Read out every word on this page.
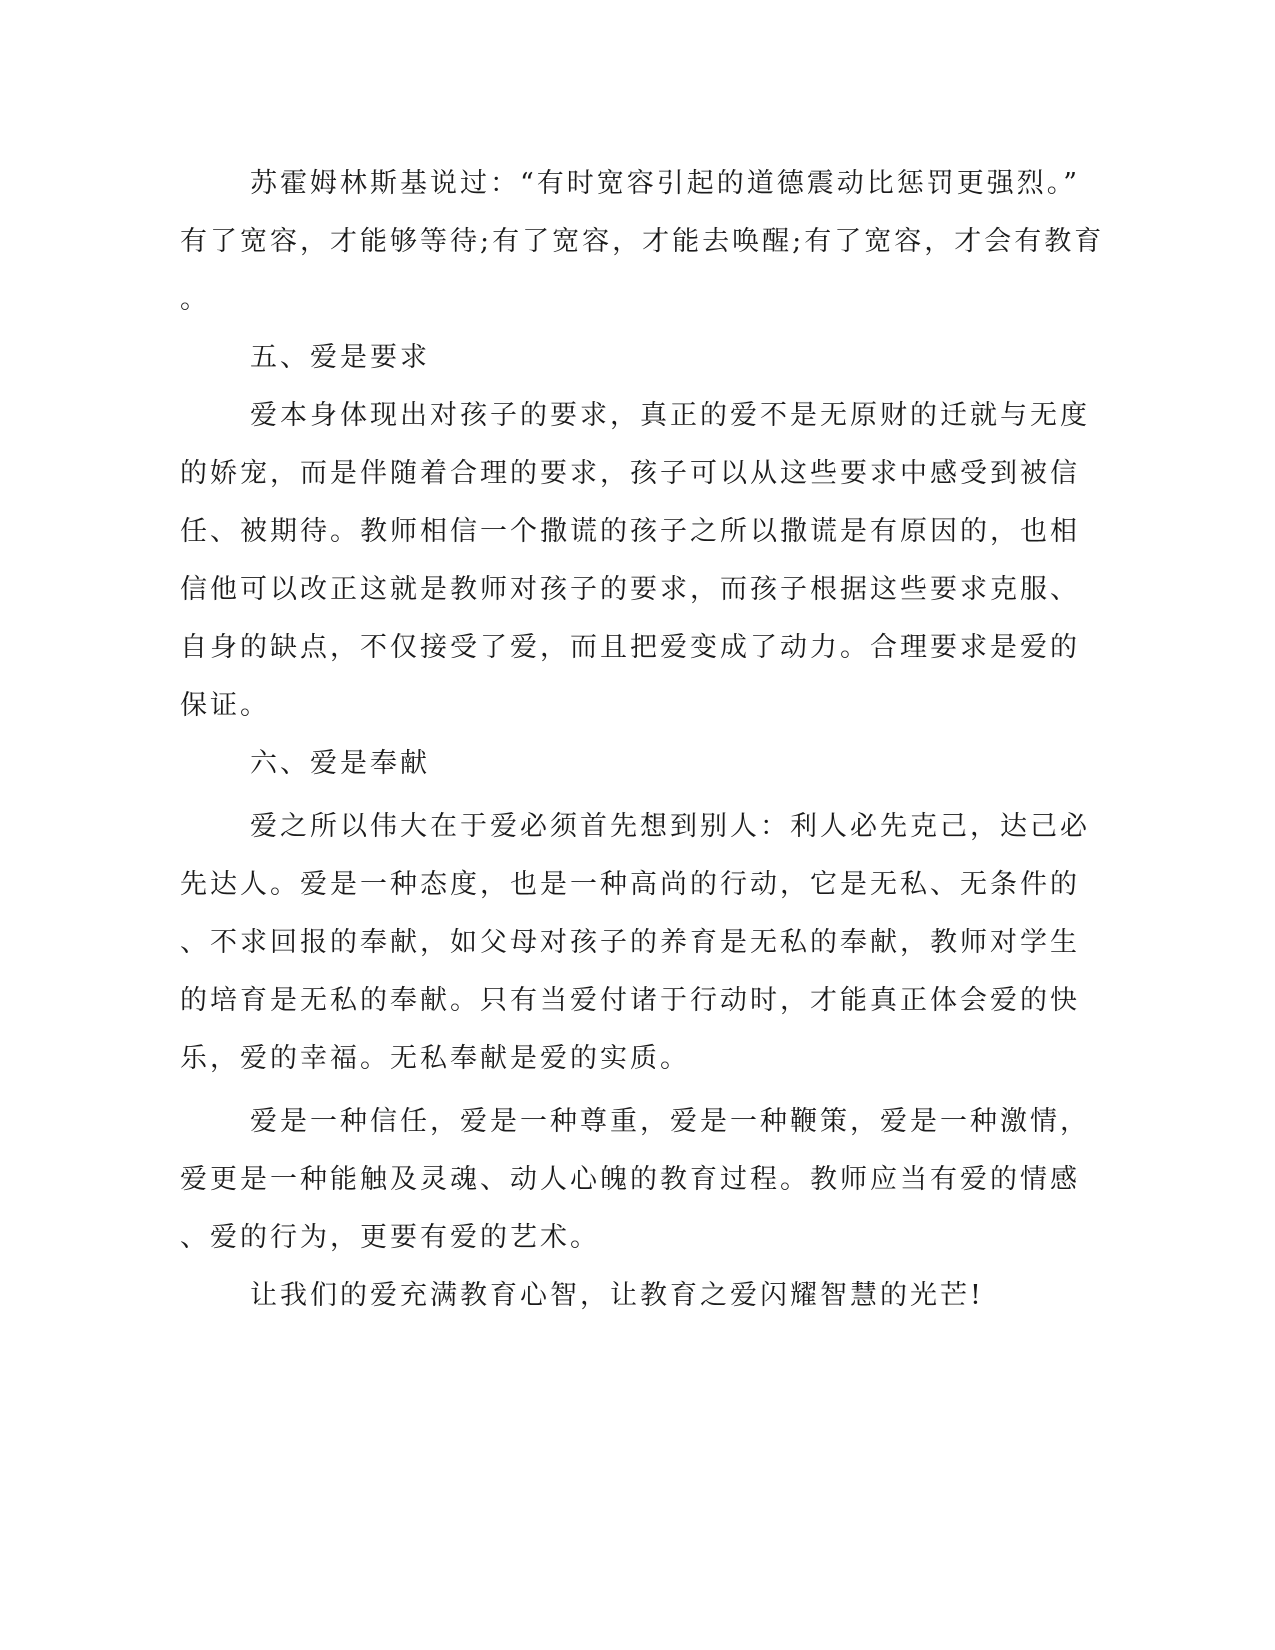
苏霍姆林斯基说过：“有时宽容引起的道德震动比惩罚更强烈。”
有了宽容，才能够等待;有了宽容，才能去唤醒;有了宽容，才会有教育
。
五、爱是要求
爱本身体现出对孩子的要求，真正的爱不是无原财的迁就与无度
的娇宠，而是伴随着合理的要求，孩子可以从这些要求中感受到被信
任、被期待。教师相信一个撒谎的孩子之所以撒谎是有原因的，也相
信他可以改正这就是教师对孩子的要求，而孩子根据这些要求克服、
自身的缺点，不仅接受了爱，而且把爱变成了动力。合理要求是爱的
保证。
六、爱是奉献
爱之所以伟大在于爱必须首先想到别人：利人必先克己，达己必
先达人。爱是一种态度，也是一种高尚的行动，它是无私、无条件的
、不求回报的奉献，如父母对孩子的养育是无私的奉献，教师对学生
的培育是无私的奉献。只有当爱付诸于行动时，才能真正体会爱的快
乐，爱的幸福。无私奉献是爱的实质。
爱是一种信任，爱是一种尊重，爱是一种鞭策，爱是一种激情，
爱更是一种能触及灵魂、动人心魄的教育过程。教师应当有爱的情感
、爱的行为，更要有爱的艺术。
让我们的爱充满教育心智，让教育之爱闪耀智慧的光芒!
